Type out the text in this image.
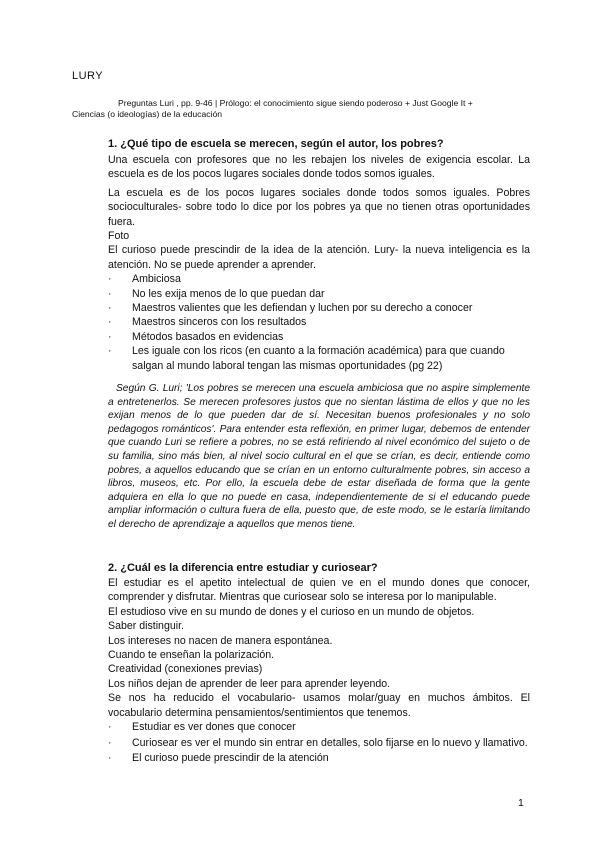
LURY
Preguntas Luri , pp. 9-46 | Prólogo: el conocimiento sigue siendo poderoso + Just Google It +
Ciencias (o ideologías) de la educación
1. ¿Qué tipo de escuela se merecen, según el autor, los pobres?

Una escuela con profesores que no les rebajen los niveles de exigencia escolar. La escuela es de los pocos lugares sociales donde todos somos iguales.

La escuela es de los pocos lugares sociales donde todos somos iguales. Pobres socioculturales- sobre todo lo dice por los pobres ya que no tienen otras oportunidades fuera.

Foto

El curioso puede prescindir de la idea de la atención. Lury- la nueva inteligencia es la atención. No se puede aprender a aprender.

· Ambiciosa
· No les exija menos de lo que puedan dar
· Maestros valientes que les defiendan y luchen por su derecho a conocer
· Maestros sinceros con los resultados
· Métodos basados en evidencias
· Les iguale con los ricos (en cuanto a la formación académica) para que cuando salgan al mundo laboral tengan las mismas oportunidades (pg 22)

Según G. Luri; 'Los pobres se merecen una escuela ambiciosa que no aspire simplemente a entretenerlos. Se merecen profesores justos que no sientan lástima de ellos y que no les exijan menos de lo que pueden dar de sí. Necesitan buenos profesionales y no solo pedagogos románticos'. Para entender esta reflexión, en primer lugar, debemos de entender que cuando Luri se refiere a pobres, no se está refiriendo al nivel económico del sujeto o de su familia, sino más bien, al nivel socio cultural en el que se crían, es decir, entiende como pobres, a aquellos educando que se crían en un entorno culturalmente pobres, sin acceso a libros, museos, etc. Por ello, la escuela debe de estar diseñada de forma que la gente adquiera en ella lo que no puede en casa, independientemente de si el educando puede ampliar información o cultura fuera de ella, puesto que, de este modo, se le estaría limitando el derecho de aprendizaje a aquellos que menos tiene.

2. ¿Cuál es la diferencia entre estudiar y curiosear?

El estudiar es el apetito intelectual de quien ve en el mundo dones que conocer, comprender y disfrutar. Mientras que curiosear solo se interesa por lo manipulable.

El estudioso vive en su mundo de dones y el curioso en un mundo de objetos.

Saber distinguir.

Los intereses no nacen de manera espontánea.

Cuando te enseñan la polarización.

Creatividad (conexiones previas)

Los niños dejan de aprender de leer para aprender leyendo.

Se nos ha reducido el vocabulario- usamos molar/guay en muchos ámbitos. El vocabulario determina pensamientos/sentimientos que tenemos.

· Estudiar es ver dones que conocer
· Curiosear es ver el mundo sin entrar en detalles, solo fijarse en lo nuevo y llamativo.
· El curioso puede prescindir de la atención
1
